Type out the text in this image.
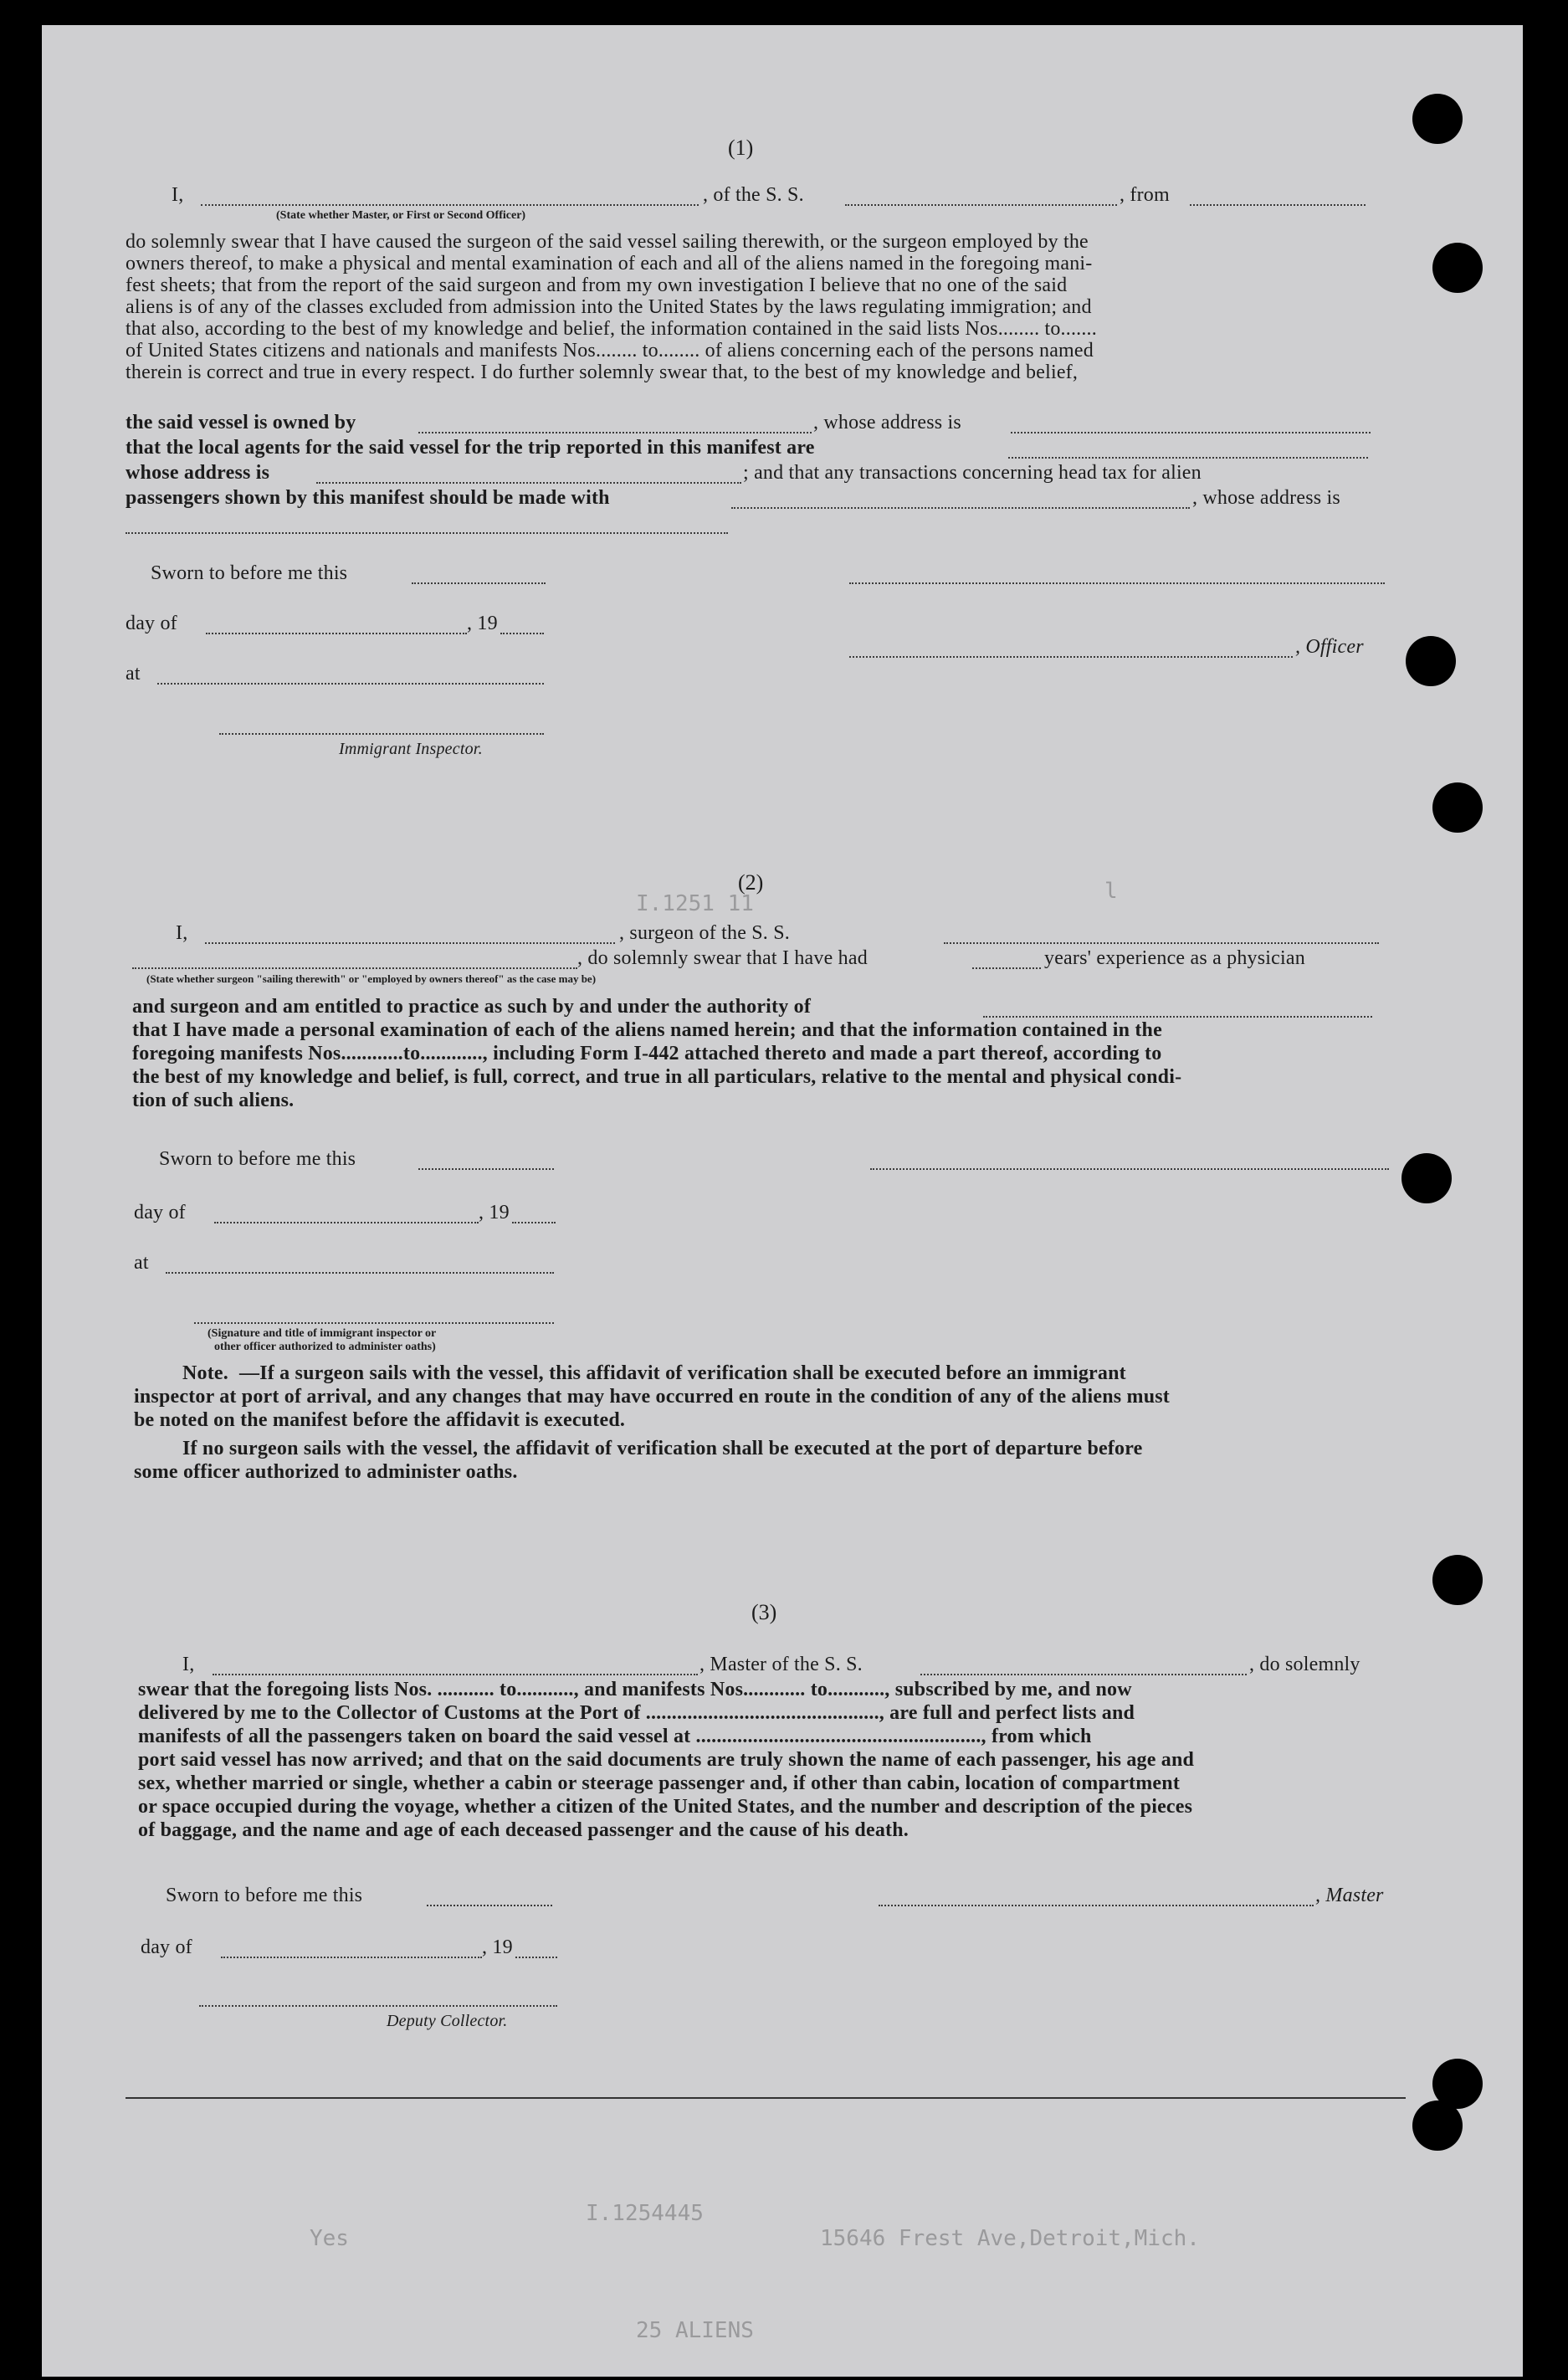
25 ALIENS
I.1254445
15646 Frest Ave,Detroit,Mich.
Yes
I.1251 11	l
(1)
I,	, of the S. S.	, from
(State whether Master, or First or Second Officer)
do solemnly swear that I have caused the surgeon of the said vessel sailing therewith, or the surgeon employed by the
owners thereof, to make a physical and mental examination of each and all of the aliens named in the foregoing mani-
fest sheets; that from the report of the said surgeon and from my own investigation I believe that no one of the said
aliens is of any of the classes excluded from admission into the United States by the laws regulating immigration; and
that also, according to the best of my knowledge and belief, the information contained in the said lists Nos........ to.......
of United States citizens and nationals and manifests Nos........ to........ of aliens concerning each of the persons named
therein is correct and true in every respect. I do further solemnly swear that, to the best of my knowledge and belief,
the said vessel is owned by	, whose address is
that the local agents for the said vessel for the trip reported in this manifest are
whose address is	; and that any transactions concerning head tax for alien
passengers shown by this manifest should be made with	, whose address is
Sworn to before me this
day of	, 19
, Officer
at
Immigrant Inspector.
(2)
I,	, surgeon of the S. S.
, do solemnly swear that I have had	years' experience as a physician
(State whether surgeon "sailing therewith" or "employed by owners thereof" as the case may be)
and surgeon and am entitled to practice as such by and under the authority of
that I have made a personal examination of each of the aliens named herein; and that the information contained in the
foregoing manifests Nos............to............, including Form I-442 attached thereto and made a part thereof, according to
the best of my knowledge and belief, is full, correct, and true in all particulars, relative to the mental and physical condi-
tion of such aliens.
Sworn to before me this
day of	, 19
at
(Signature and title of immigrant inspector or
other officer authorized to administer oaths)
Note. —If a surgeon sails with the vessel, this affidavit of verification shall be executed before an immigrant
inspector at port of arrival, and any changes that may have occurred en route in the condition of any of the aliens must
be noted on the manifest before the affidavit is executed.
If no surgeon sails with the vessel, the affidavit of verification shall be executed at the port of departure before
some officer authorized to administer oaths.
(3)
I,	, Master of the S. S.	, do solemnly
swear that the foregoing lists Nos. ........... to..........., and manifests Nos............ to..........., subscribed by me, and now
delivered by me to the Collector of Customs at the Port of ............................................., are full and perfect lists and
manifests of all the passengers taken on board the said vessel at ......................................................., from which
port said vessel has now arrived; and that on the said documents are truly shown the name of each passenger, his age and
sex, whether married or single, whether a cabin or steerage passenger and, if other than cabin, location of compartment
or space occupied during the voyage, whether a citizen of the United States, and the number and description of the pieces
of baggage, and the name and age of each deceased passenger and the cause of his death.
Sworn to before me this	, Master
day of	, 19
Deputy Collector.
